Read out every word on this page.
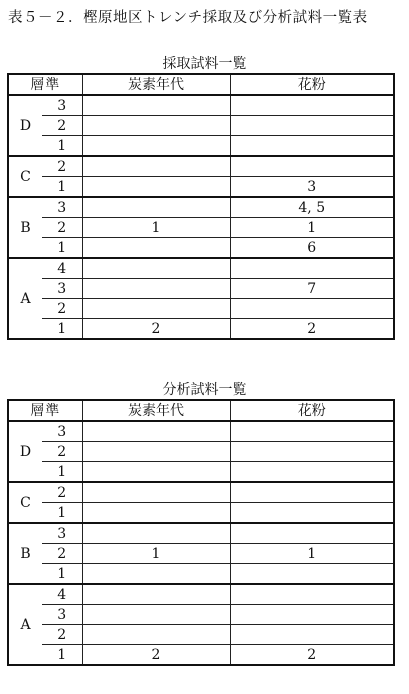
表５－２．樫原地区トレンチ採取及び分析試料一覧表
採取試料一覧
層準		炭素年代	花粉
D	3		
	2		
	1		
C	2		
	1		3
B	3		4, 5
	2	1	1
	1		6
A	4		
	3		7
	2		
	1	2	2
分析試料一覧
層準		炭素年代	花粉
D	3		
	2		
	1		
C	2		
	1		
B	3		
	2	1	1
	1		
A	4		
	3		
	2		
	1	2	2
